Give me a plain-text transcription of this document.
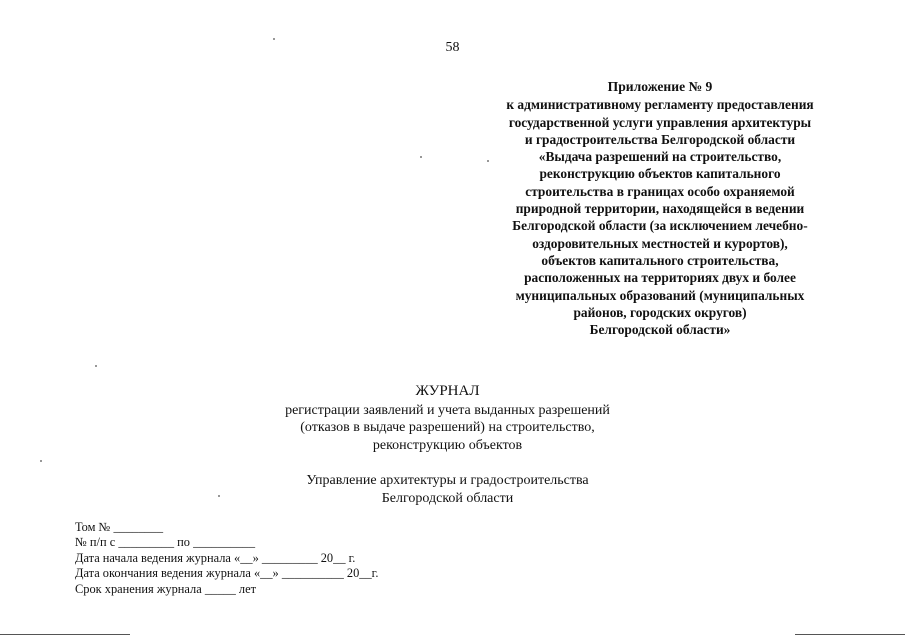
58
Приложение № 9
к административному регламенту предоставления
государственной услуги управления архитектуры
и градостроительства Белгородской области
«Выдача разрешений на строительство,
реконструкцию объектов капитального
строительства в границах особо охраняемой
природной территории, находящейся в ведении
Белгородской области (за исключением лечебно-
оздоровительных местностей и курортов),
объектов капитального строительства,
расположенных на территориях двух и более
муниципальных образований (муниципальных
районов, городских округов)
Белгородской области»
ЖУРНАЛ
регистрации заявлений и учета выданных разрешений
(отказов в выдаче разрешений) на строительство,
реконструкцию объектов
Управление архитектуры и градостроительства
Белгородской области
Том № ________
№ п/п с _________ по __________
Дата начала ведения журнала «__» _________ 20__ г.
Дата окончания ведения журнала «__» __________ 20__г.
Срок хранения журнала _____ лет
